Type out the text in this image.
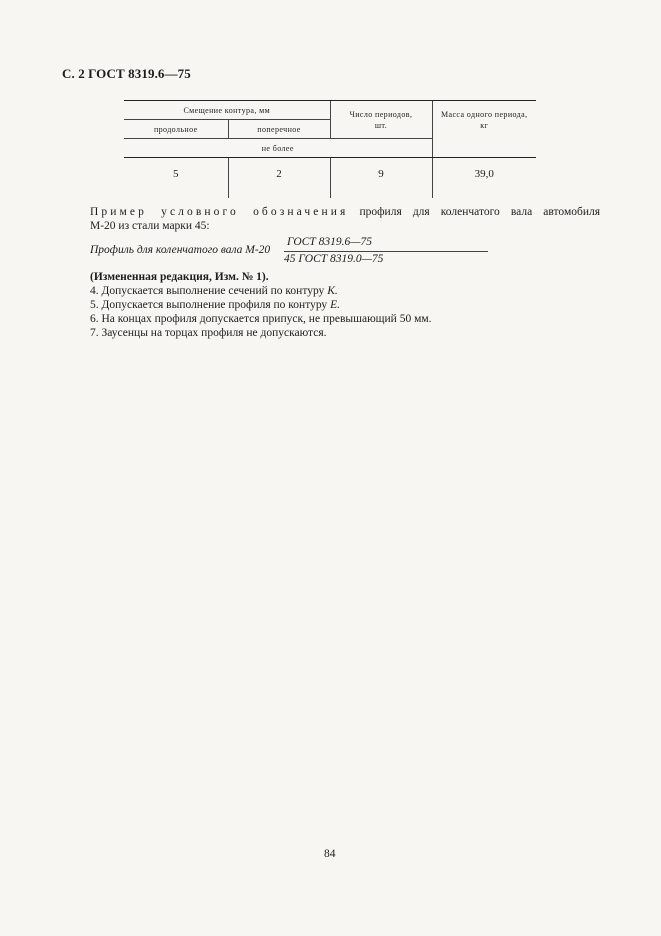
С. 2 ГОСТ 8319.6—75
Смещение контура, мм		Число периодов, шт.	Масса одного периода, кг
продольное	поперечное		
не более			
5	2	9	39,0
Пример условного обозначения профиля для коленчатого вала автомобиля
М-20 из стали марки 45:
Профиль для коленчатого вала М-20
ГОСТ 8319.6—75
45 ГОСТ 8319.0—75
(Измененная редакция, Изм. № 1).
4. Допускается выполнение сечений по контуру К.
5. Допускается выполнение профиля по контуру Е.
6. На концах профиля допускается припуск, не превышающий 50 мм.
7. Заусенцы на торцах профиля не допускаются.
84
